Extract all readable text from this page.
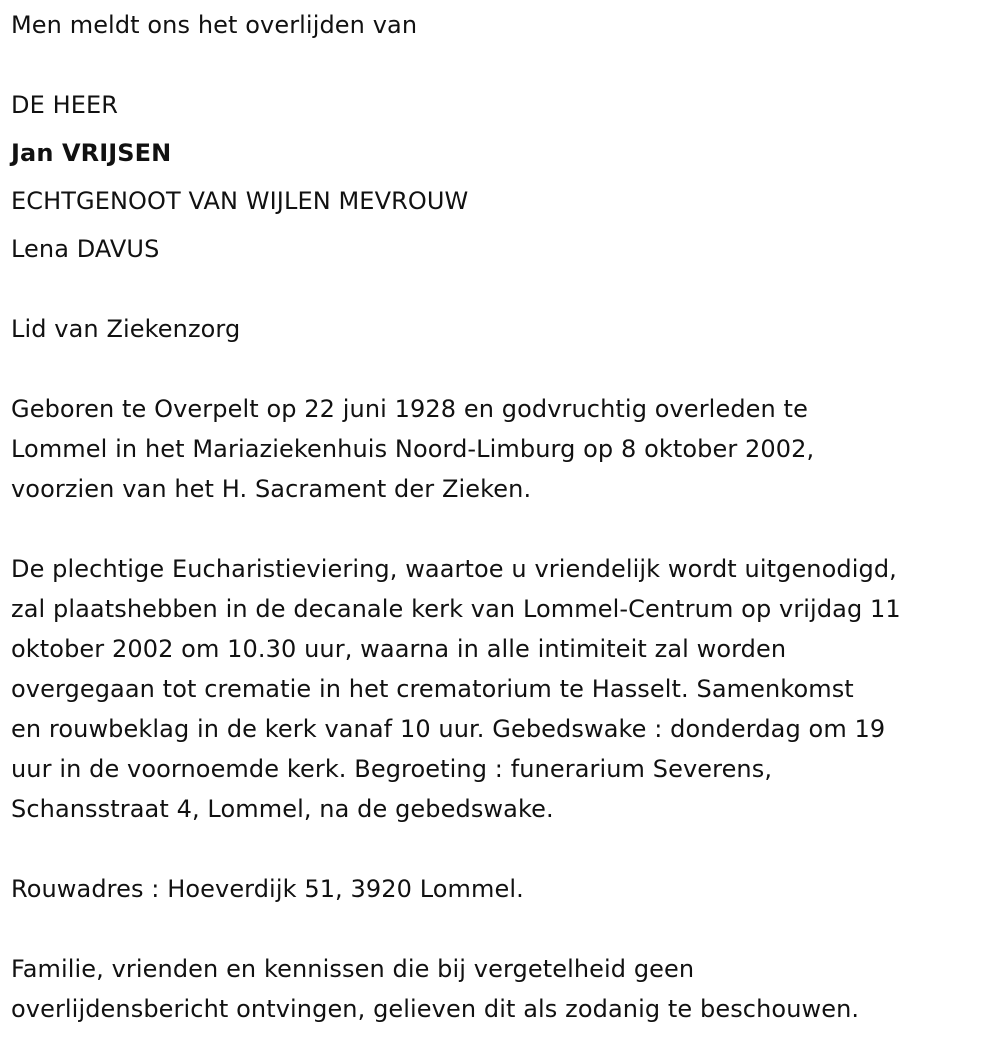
Men meldt ons het overlijden van

DE HEER

Jan VRIJSEN

ECHTGENOOT VAN WIJLEN MEVROUW

Lena DAVUS

Lid van Ziekenzorg

Geboren te Overpelt op 22 juni 1928 en godvruchtig overleden te

Lommel in het Mariaziekenhuis Noord-Limburg op 8 oktober 2002,

voorzien van het H. Sacrament der Zieken.

De plechtige Eucharistieviering, waartoe u vriendelijk wordt uitgenodigd,

zal plaatshebben in de decanale kerk van Lommel-Centrum op vrijdag 11

oktober 2002 om 10.30 uur, waarna in alle intimiteit zal worden

overgegaan tot crematie in het crematorium te Hasselt. Samenkomst

en rouwbeklag in de kerk vanaf 10 uur. Gebedswake : donderdag om 19

uur in de voornoemde kerk. Begroeting : funerarium Severens,

Schansstraat 4, Lommel, na de gebedswake.

Rouwadres : Hoeverdijk 51, 3920 Lommel.

Familie, vrienden en kennissen die bij vergetelheid geen

overlijdensbericht ontvingen, gelieven dit als zodanig te beschouwen.
